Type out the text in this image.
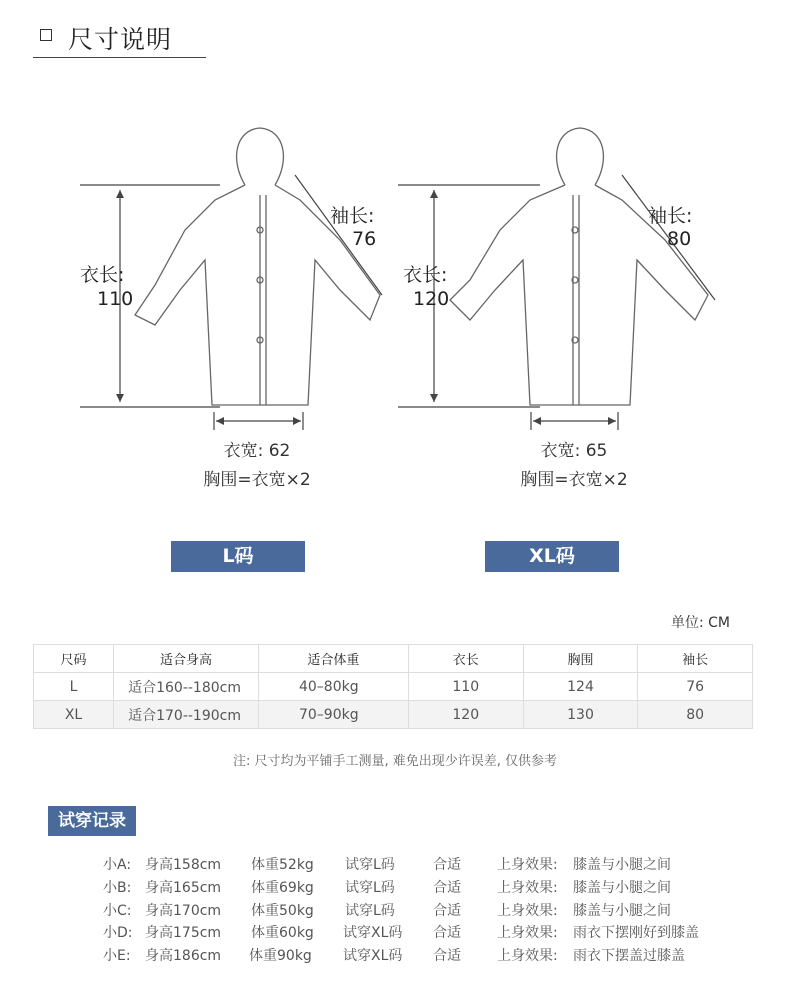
尺寸说明
衣长:
110
袖长:
76
衣宽: 62
胸围=衣宽×2
衣长:
120
袖长:
80
衣宽: 65
胸围=衣宽×2
L码	XL码
单位: CM
尺码	适合身高	适合体重	衣长	胸围	袖长
L	适合160--180cm	40–80kg	110	124	76
XL	适合170--190cm	70–90kg	120	130	80
注: 尺寸均为平铺手工测量, 难免出现少许误差, 仅供参考
试穿记录
小A: 身高158cm 体重52kg 试穿L码	合适	上身效果: 膝盖与小腿之间
小B: 身高165cm 体重69kg 试穿L码	合适	上身效果: 膝盖与小腿之间
小C: 身高170cm 体重50kg 试穿L码	合适	上身效果: 膝盖与小腿之间
小D: 身高175cm 体重60kg 试穿XL码 合适	上身效果: 雨衣下摆刚好到膝盖
小E: 身高186cm 体重90kg 试穿XL码 合适	上身效果: 雨衣下摆盖过膝盖
